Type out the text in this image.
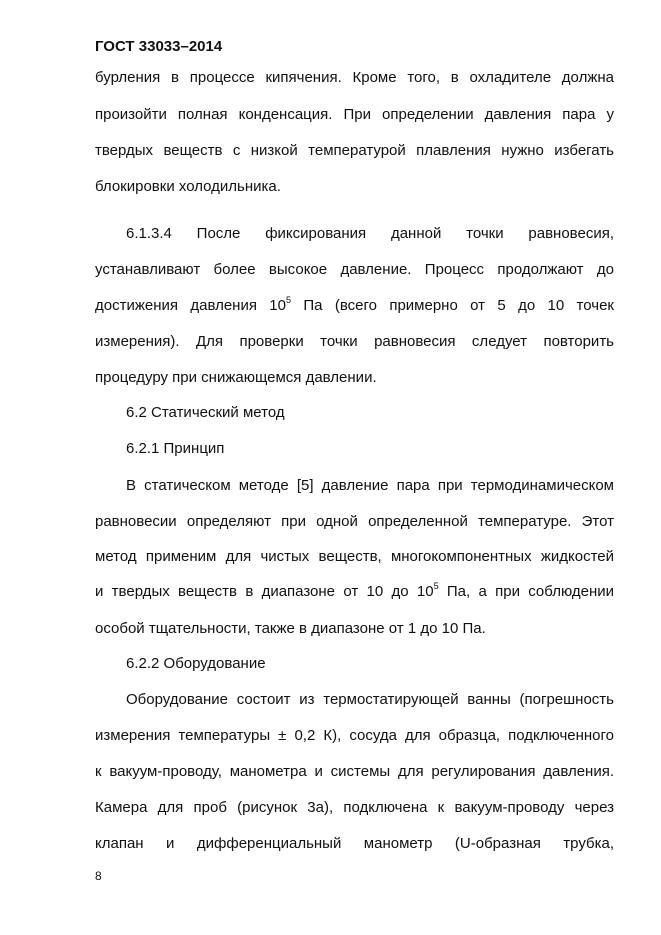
ГОСТ 33033–2014
бурления в процессе кипячения. Кроме того, в охладителе должна
произойти полная конденсация. При определении давления пара у
твердых веществ с низкой температурой плавления нужно избегать
блокировки холодильника.
6.1.3.4 После фиксирования данной точки равновесия,
устанавливают более высокое давление. Процесс продолжают до
достижения давления $10^5$ Па (всего примерно от 5 до 10 точек
измерения). Для проверки точки равновесия следует повторить
процедуру при снижающемся давлении.
6.2 Статический метод
6.2.1 Принцип
В статическом методе [5] давление пара при термодинамическом
равновесии определяют при одной определенной температуре. Этот
метод применим для чистых веществ, многокомпонентных жидкостей
и твердых веществ в диапазоне от 10 до $10^5$ Па, а при соблюдении
особой тщательности, также в диапазоне от 1 до 10 Па.
6.2.2 Оборудование
Оборудование состоит из термостатирующей ванны (погрешность
измерения температуры ± 0,2 К), сосуда для образца, подключенного
к вакуум-проводу, манометра и системы для регулирования давления.
Камера для проб (рисунок 3а), подключена к вакуум-проводу через
клапан и дифференциальный манометр (U-образная трубка,
8
